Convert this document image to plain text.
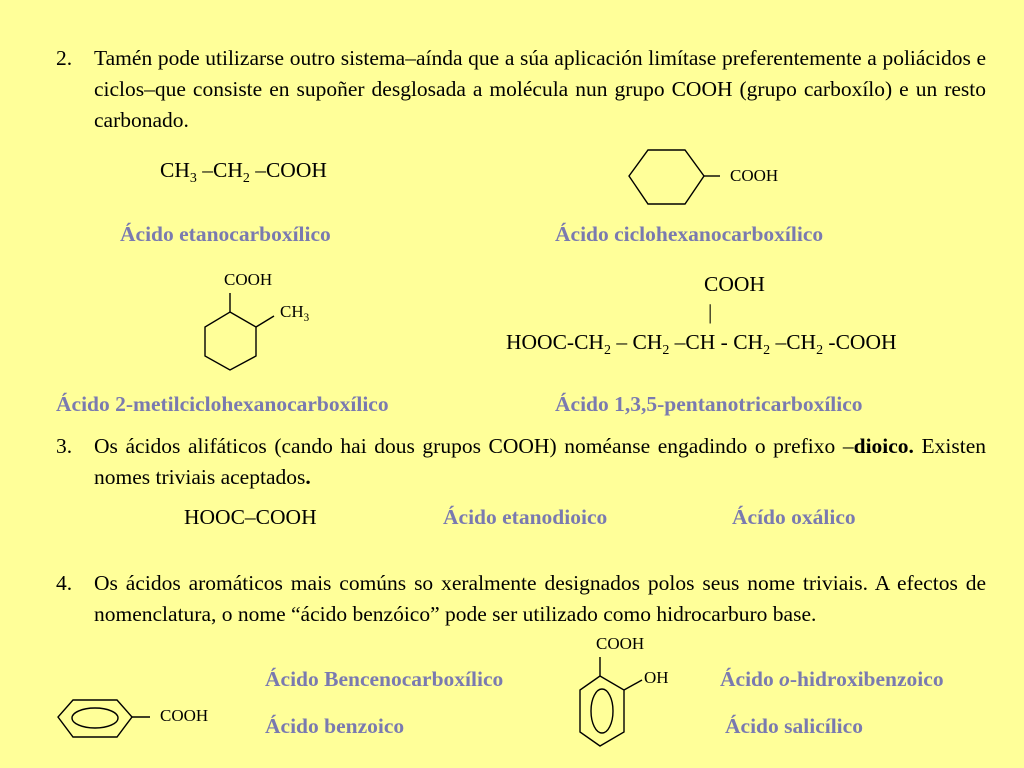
2. Tamén pode utilizarse outro sistema–aínda que a súa aplicación limítase preferentemente a poliácidos e ciclos–que consiste en supoñer desglosada a molécula nun grupo COOH (grupo carboxílo) e un resto carbonado.
$CH_3$ $-CH_2$ –COOH	COOH
Ácido etanocarboxílico	Ácido ciclohexanocarboxílico
COOH
$CH_3$
COOH
|
HOOC-$CH_2 - CH_2$ $-CH - CH_2$ $-CH_2$ -COOH
Ácido 2-metilciclohexanocarboxílico	Ácido 1,3,5-pentanotricarboxílico
3. Os ácidos alifáticos (cando hai dous grupos COOH) noméanse engadindo o prefixo –dioico. Existen nomes triviais aceptados.
HOOC–COOH	Ácido etanodioico	Ácído oxálico
4. Os ácidos aromáticos mais comúns so xeralmente designados polos seus nome triviais. A efectos de nomenclatura, o nome “ácido benzóico” pode ser utilizado como hidrocarburo base.
COOH
OH
COOH
Ácido Bencenocarboxílico	Ácido o-hidroxibenzoico
Ácido benzoico	Ácido salicílico
